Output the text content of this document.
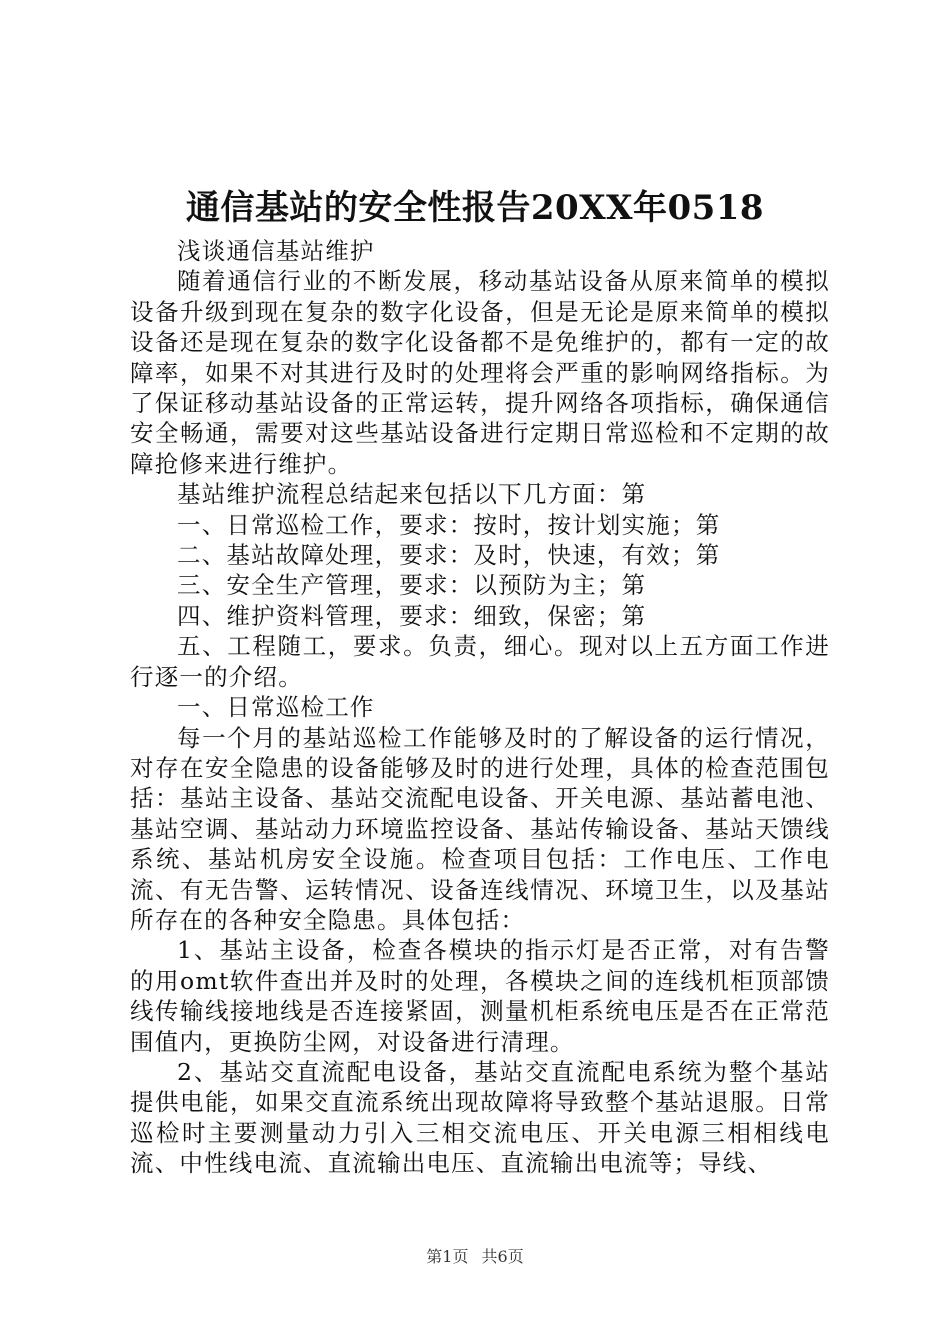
通信基站的安全性报告20XX年0518

浅谈通信基站维护

随着通信行业的不断发展，移动基站设备从原来简单的模拟设备升级到现在复杂的数字化设备，但是无论是原来简单的模拟设备还是现在复杂的数字化设备都不是免维护的，都有一定的故障率，如果不对其进行及时的处理将会严重的影响网络指标。为了保证移动基站设备的正常运转，提升网络各项指标，确保通信安全畅通，需要对这些基站设备进行定期日常巡检和不定期的故障抢修来进行维护。

基站维护流程总结起来包括以下几方面：第

一、日常巡检工作，要求：按时，按计划实施；第

二、基站故障处理，要求：及时，快速，有效；第

三、安全生产管理，要求：以预防为主；第

四、维护资料管理，要求：细致，保密；第

五、工程随工，要求。负责，细心。现对以上五方面工作进行逐一的介绍。

一、日常巡检工作

每一个月的基站巡检工作能够及时的了解设备的运行情况，对存在安全隐患的设备能够及时的进行处理，具体的检查范围包括：基站主设备、基站交流配电设备、开关电源、基站蓄电池、基站空调、基站动力环境监控设备、基站传输设备、基站天馈线系统、基站机房安全设施。检查项目包括：工作电压、工作电流、有无告警、运转情况、设备连线情况、环境卫生，以及基站所存在的各种安全隐患。具体包括：

1、基站主设备，检查各模块的指示灯是否正常，对有告警的用omt软件查出并及时的处理，各模块之间的连线机柜顶部馈线传输线接地线是否连接紧固，测量机柜系统电压是否在正常范围值内，更换防尘网，对设备进行清理。

2、基站交直流配电设备，基站交直流配电系统为整个基站提供电能，如果交直流系统出现故障将导致整个基站退服。日常巡检时主要测量动力引入三相交流电压、开关电源三相相线电流、中性线电流、直流输出电压、直流输出电流等；导线、

第1页 共6页
